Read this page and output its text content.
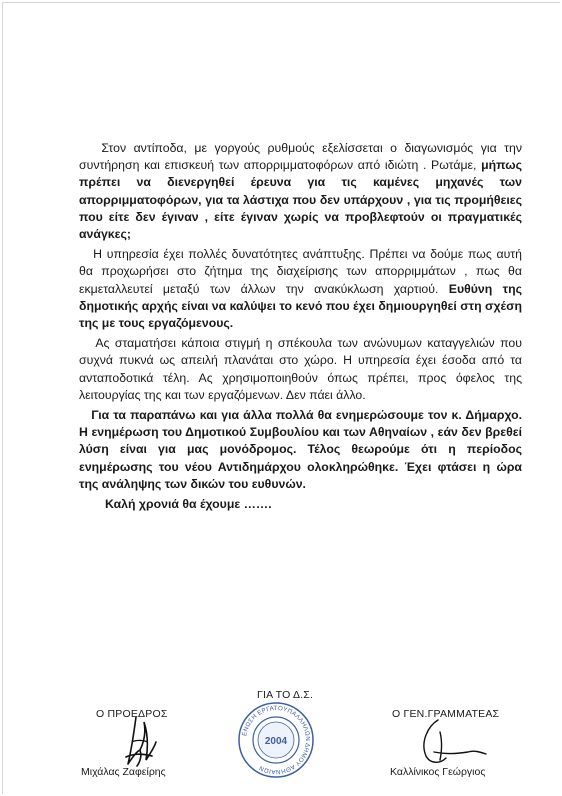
Στον αντίποδα, με γοργούς ρυθμούς εξελίσσεται ο διαγωνισμός για την συντήρηση και επισκευή των απορριμματοφόρων από ιδιώτη . Ρωτάμε, μήπως πρέπει να διενεργηθεί έρευνα για τις καμένες μηχανές των απορριμματοφόρων, για τα λάστιχα που δεν υπάρχουν , για τις προμήθειες που είτε δεν έγιναν , είτε έγιναν χωρίς να προβλεφτούν οι πραγματικές ανάγκες;

Η υπηρεσία έχει πολλές δυνατότητες ανάπτυξης. Πρέπει να δούμε πως αυτή θα προχωρήσει στο ζήτημα της διαχείρισης των απορριμμάτων , πως θα εκμεταλλευτεί μεταξύ των άλλων την ανακύκλωση χαρτιού. Ευθύνη της δημοτικής αρχής είναι να καλύψει το κενό που έχει δημιουργηθεί στη σχέση της με τους εργαζόμενους.

Ας σταματήσει κάποια στιγμή η σπέκουλα των ανώνυμων καταγγελιών που συχνά πυκνά ως απειλή πλανάται στο χώρο. Η υπηρεσία έχει έσοδα από τα ανταποδοτικά τέλη. Ας χρησιμοποιηθούν όπως πρέπει, προς όφελος της λειτουργίας της και των εργαζόμενων. Δεν πάει άλλο.

Για τα παραπάνω και για άλλα πολλά θα ενημερώσουμε τον κ. Δήμαρχο. Η ενημέρωση του Δημοτικού Συμβουλίου και των Αθηναίων , εάν δεν βρεθεί λύση είναι για μας μονόδρομος. Τέλος θεωρούμε ότι η περίοδος ενημέρωσης του νέου Αντιδημάρχου ολοκληρώθηκε. Έχει φτάσει η ώρα της ανάληψης των δικών του ευθυνών.

Καλή χρονιά θα έχουμε …….
ΓΙΑ ΤΟ Δ.Σ.
Ο ΠΡΟΕΔΡΟΣ	Ο ΓΕΝ.ΓΡΑΜΜΑΤΕΑΣ
ΕΝΩΣΗ ΕΡΓΑΤΟΥΠΑΛΛΗΛΩΝ ΔΗΜΟΥ ΑΘΗΝΑΙΩΝ
2004
Μιχάλας Ζαφείρης	Καλλίνικος Γεώργιος
